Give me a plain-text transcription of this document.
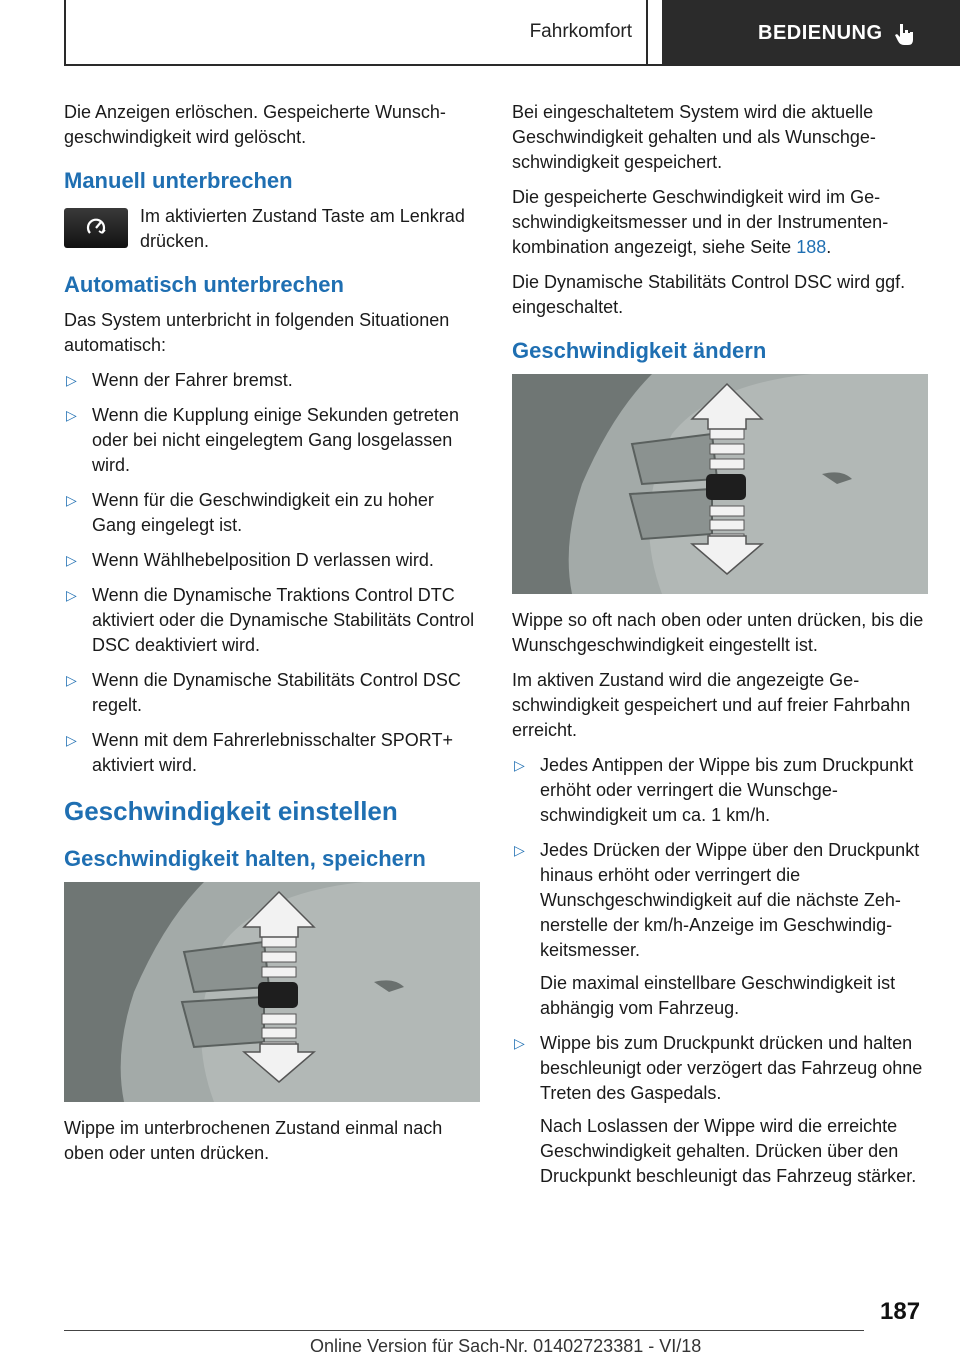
Fahrkomfort	BEDIENUNG

Die Anzeigen erlöschen. Gespeicherte Wunschgeschwindigkeit wird gelöscht.

Manuell unterbrechen

Im aktivierten Zustand Taste am Lenkrad drücken.

Automatisch unterbrechen

Das System unterbricht in folgenden Situationen automatisch:

▷ Wenn der Fahrer bremst.
▷ Wenn die Kupplung einige Sekunden getreten oder bei nicht eingelegtem Gang losgelassen wird.
▷ Wenn für die Geschwindigkeit ein zu hoher Gang eingelegt ist.
▷ Wenn Wählhebelposition D verlassen wird.
▷ Wenn die Dynamische Traktions Control DTC aktiviert oder die Dynamische Stabilitäts Control DSC deaktiviert wird.
▷ Wenn die Dynamische Stabilitäts Control DSC regelt.
▷ Wenn mit dem Fahrerlebnisschalter SPORT+ aktiviert wird.
Geschwindigkeit einstellen
Geschwindigkeit halten, speichern

Wippe im unterbrochenen Zustand einmal nach oben oder unten drücken.

Bei eingeschaltetem System wird die aktuelle Geschwindigkeit gehalten und als Wunschgeschwindigkeit gespeichert.

Die gespeicherte Geschwindigkeit wird im Geschwindigkeitsmesser und in der Instrumentenkombination angezeigt, siehe Seite 188.

Die Dynamische Stabilitäts Control DSC wird ggf. eingeschaltet.

Geschwindigkeit ändern

Wippe so oft nach oben oder unten drücken, bis die Wunschgeschwindigkeit eingestellt ist.

Im aktiven Zustand wird die angezeigte Geschwindigkeit gespeichert und auf freier Fahrbahn erreicht.

▷ Jedes Antippen der Wippe bis zum Druckpunkt erhöht oder verringert die Wunschgeschwindigkeit um ca. 1 km/h.
▷ Jedes Drücken der Wippe über den Druckpunkt hinaus erhöht oder verringert die Wunschgeschwindigkeit auf die nächste Zehnerstelle der km/h-Anzeige im Geschwindigkeitsmesser.
Die maximal einstellbare Geschwindigkeit ist abhängig vom Fahrzeug.
▷ Wippe bis zum Druckpunkt drücken und halten beschleunigt oder verzögert das Fahrzeug ohne Treten des Gaspedals.
Nach Loslassen der Wippe wird die erreichte Geschwindigkeit gehalten. Drücken über den Druckpunkt beschleunigt das Fahrzeug stärker.
187
Online Version für Sach-Nr. 01402723381 - VI/18
